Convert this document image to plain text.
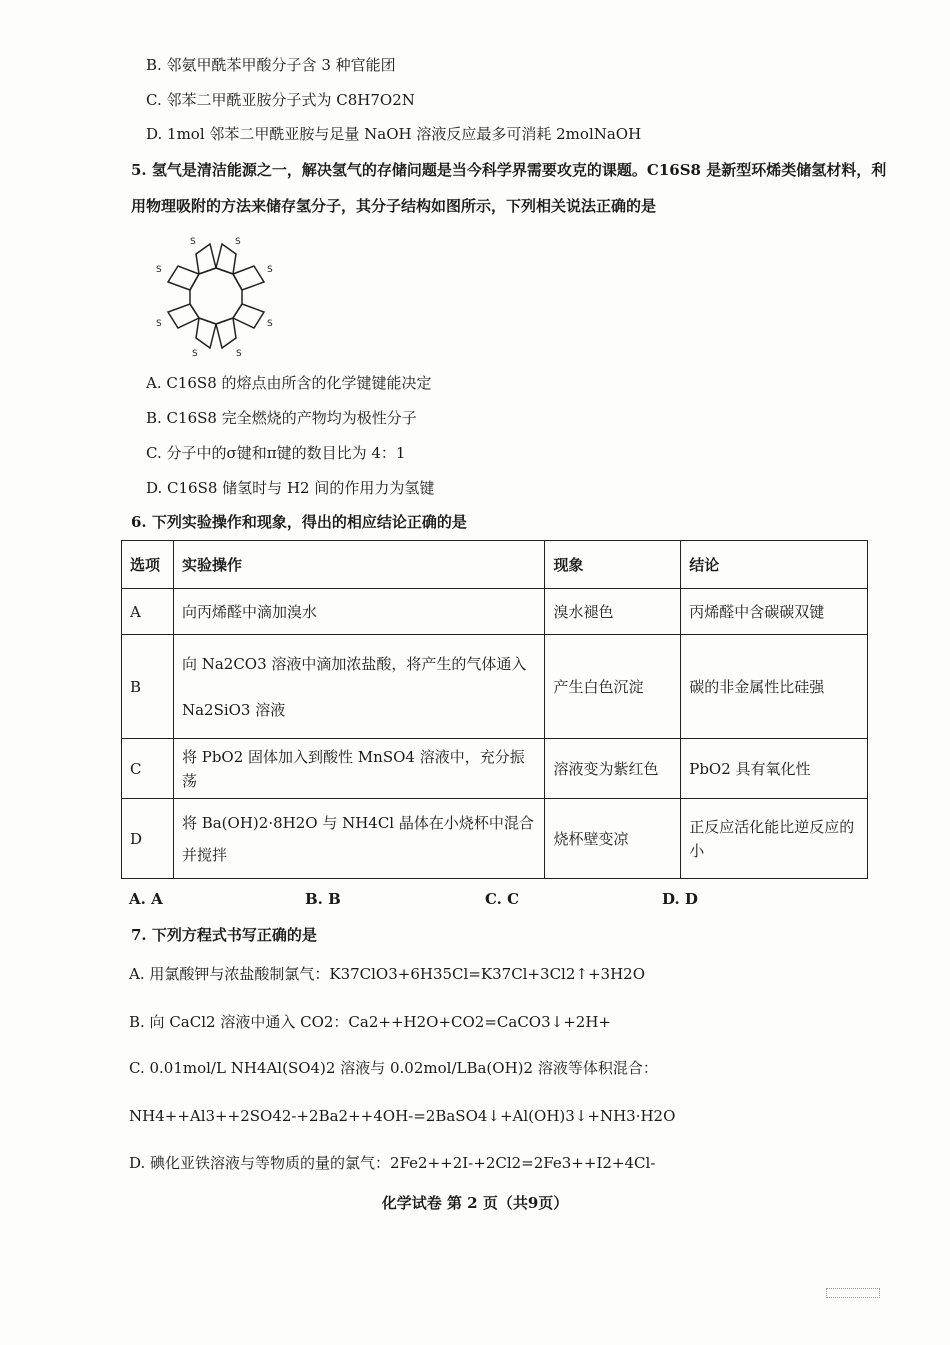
B. 邻氨甲酰苯甲酸分子含 3 种官能团
C. 邻苯二甲酰亚胺分子式为 C8H7O2N
D. 1mol 邻苯二甲酰亚胺与足量 NaOH 溶液反应最多可消耗 2molNaOH
5. 氢气是清洁能源之一，解决氢气的存储问题是当今科学界需要攻克的课题。C16S8 是新型环烯类储氢材料，利
用物理吸附的方法来储存氢分子，其分子结构如图所示，下列相关说法正确的是
S	S
S
S
S
S
S
S
A. C16S8 的熔点由所含的化学键键能决定
B. C16S8 完全燃烧的产物均为极性分子
C. 分子中的σ键和π键的数目比为 4：1
D. C16S8 储氢时与 H2 间的作用力为氢键
6. 下列实验操作和现象，得出的相应结论正确的是
选项	实验操作	现象	结论
A	向丙烯醛中滴加溴水	溴水褪色	丙烯醛中含碳碳双键
B	向 Na2CO3 溶液中滴加浓盐酸，将产生的气体通入 Na2SiO3 溶液	产生白色沉淀	碳的非金属性比硅强
C	将 PbO2 固体加入到酸性 MnSO4 溶液中，充分振荡	溶液变为紫红色	PbO2 具有氧化性
D	将 Ba(OH)2·8H2O 与 NH4Cl 晶体在小烧杯中混合并搅拌	烧杯壁变凉	正反应活化能比逆反应的小
A. A	B. B	C. C	D. D
7. 下列方程式书写正确的是
A. 用氯酸钾与浓盐酸制氯气：K37ClO3+6H35Cl=K37Cl+3Cl2↑+3H2O
B. 向 CaCl2 溶液中通入 CO2：Ca2++H2O+CO2=CaCO3↓+2H+
C. 0.01mol/L NH4Al(SO4)2 溶液与 0.02mol/LBa(OH)2 溶液等体积混合：
NH4++Al3++2SO42-+2Ba2++4OH-=2BaSO4↓+Al(OH)3↓+NH3·H2O
D. 碘化亚铁溶液与等物质的量的氯气：2Fe2++2I-+2Cl2=2Fe3++I2+4Cl-
化学试卷 第 2 页（共9页）
